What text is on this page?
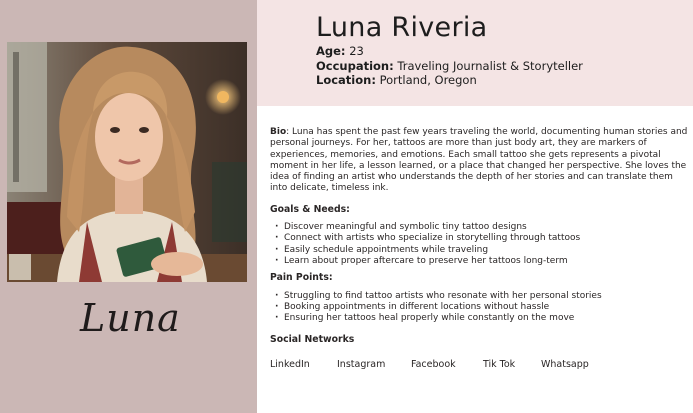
Luna
Luna Riveria
Age: 23
Occupation: Traveling Journalist & Storyteller
Location: Portland, Oregon

Bio: Luna has spent the past few years traveling the world, documenting human stories and personal journeys. For her, tattoos are more than just body art, they are markers of experiences, memories, and emotions. Each small tattoo she gets represents a pivotal moment in her life, a lesson learned, or a place that changed her perspective. She loves the idea of finding an artist who understands the depth of her stories and can translate them into delicate, timeless ink.

Goals & Needs:
· Discover meaningful and symbolic tiny tattoo designs
· Connect with artists who specialize in storytelling through tattoos
· Easily schedule appointments while traveling
· Learn about proper aftercare to preserve her tattoos long-term
Pain Points:
· Struggling to find tattoo artists who resonate with her personal stories
· Booking appointments in different locations without hassle
· Ensuring her tattoos heal properly while constantly on the move
Social Networks
LinkedIn	Instagram	Facebook	Tik Tok	Whatsapp
